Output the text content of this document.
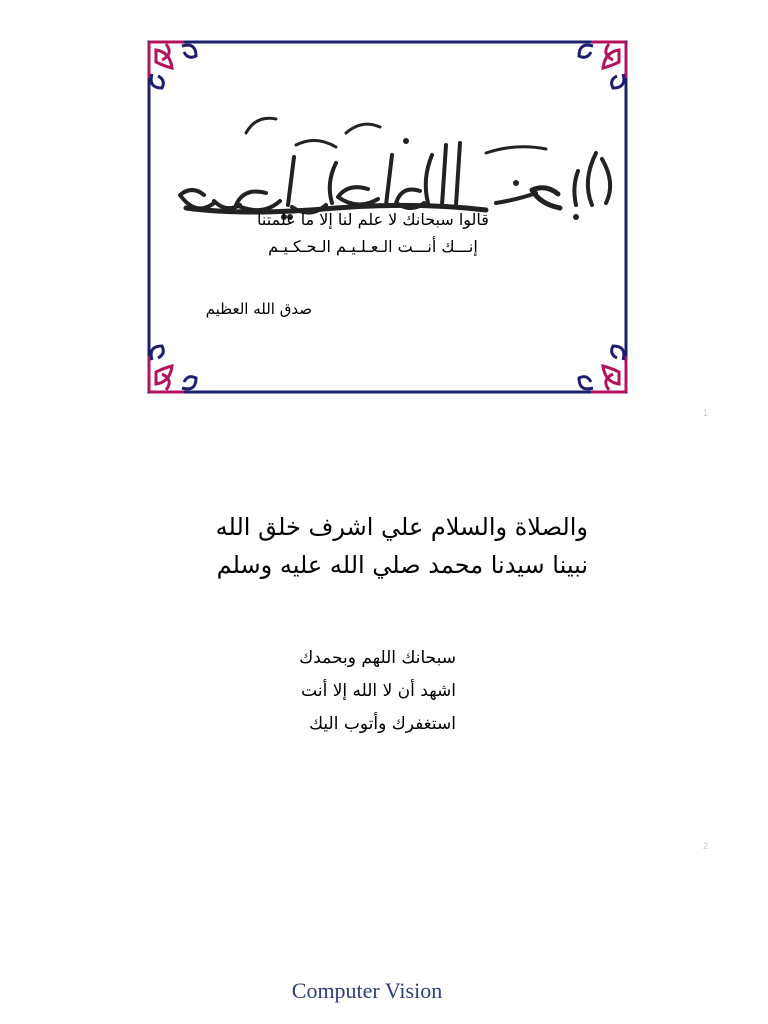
قالوا سبحانك لا علم لنا إلا ما علمتنا
إنـــك أنـــت الـعـلـيـم الـحـكـيـم
صدق الله العظيم
1
والصلاة والسلام علي اشرف خلق الله
نبينا سيدنا محمد صلي الله عليه وسلم
سبحانك اللهم وبحمدك
اشهد أن لا الله إلا أنت
استغفرك وأتوب اليك
2
Computer Vision
